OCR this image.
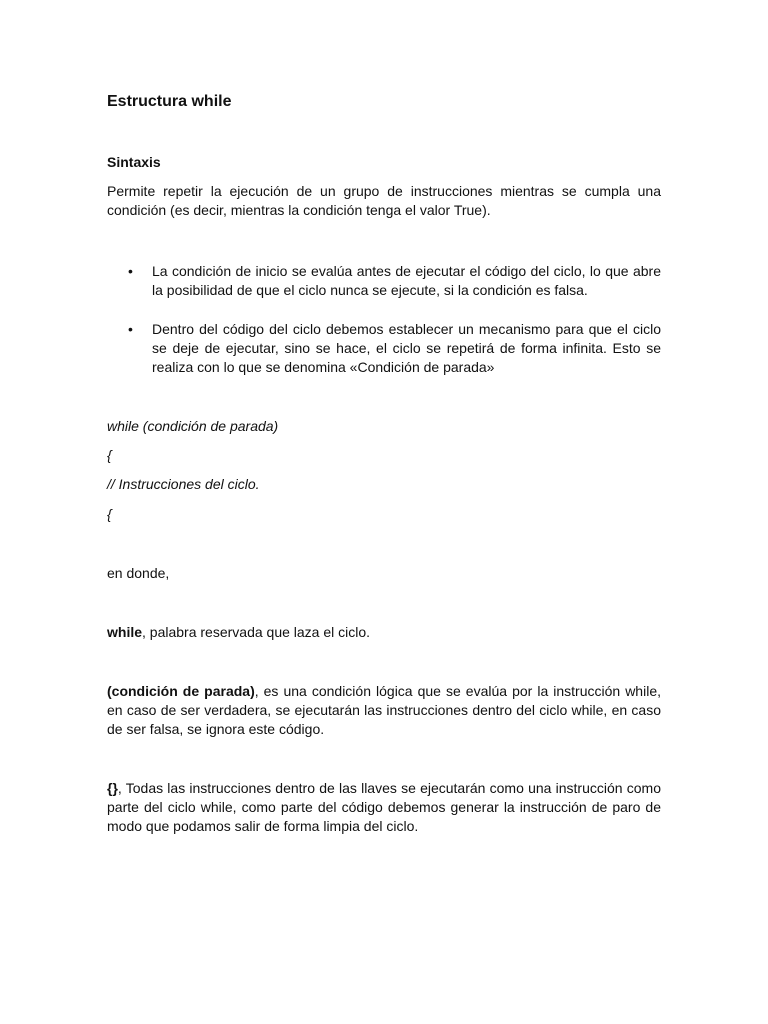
Estructura while
Sintaxis
Permite repetir la ejecución de un grupo de instrucciones mientras se cumpla una condición (es decir, mientras la condición tenga el valor True).
• La condición de inicio se evalúa antes de ejecutar el código del ciclo, lo que abre la posibilidad de que el ciclo nunca se ejecute, si la condición es falsa.
• Dentro del código del ciclo debemos establecer un mecanismo para que el ciclo se deje de ejecutar, sino se hace, el ciclo se repetirá de forma infinita. Esto se realiza con lo que se denomina «Condición de parada»
while (condición de parada)
{
// Instrucciones del ciclo.
{
en donde,
while, palabra reservada que laza el ciclo.
(condición de parada), es una condición lógica que se evalúa por la instrucción while, en caso de ser verdadera, se ejecutarán las instrucciones dentro del ciclo while, en caso de ser falsa, se ignora este código.
{}, Todas las instrucciones dentro de las llaves se ejecutarán como una instrucción como parte del ciclo while, como parte del código debemos generar la instrucción de paro de modo que podamos salir de forma limpia del ciclo.
